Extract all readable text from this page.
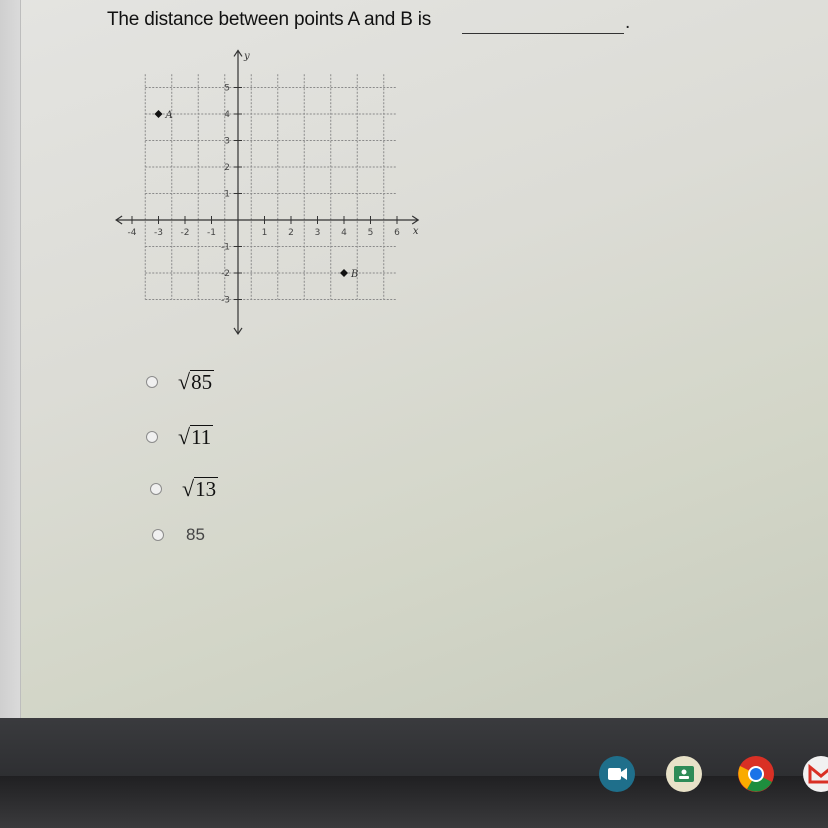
The distance between points A and B is	.
x
y
-4 -3 -2 -1	1 2 3 4 5 6
5
4
3
2
1
-1
-2
-3
A
B
√ 85
√ 11
√ 13
85
